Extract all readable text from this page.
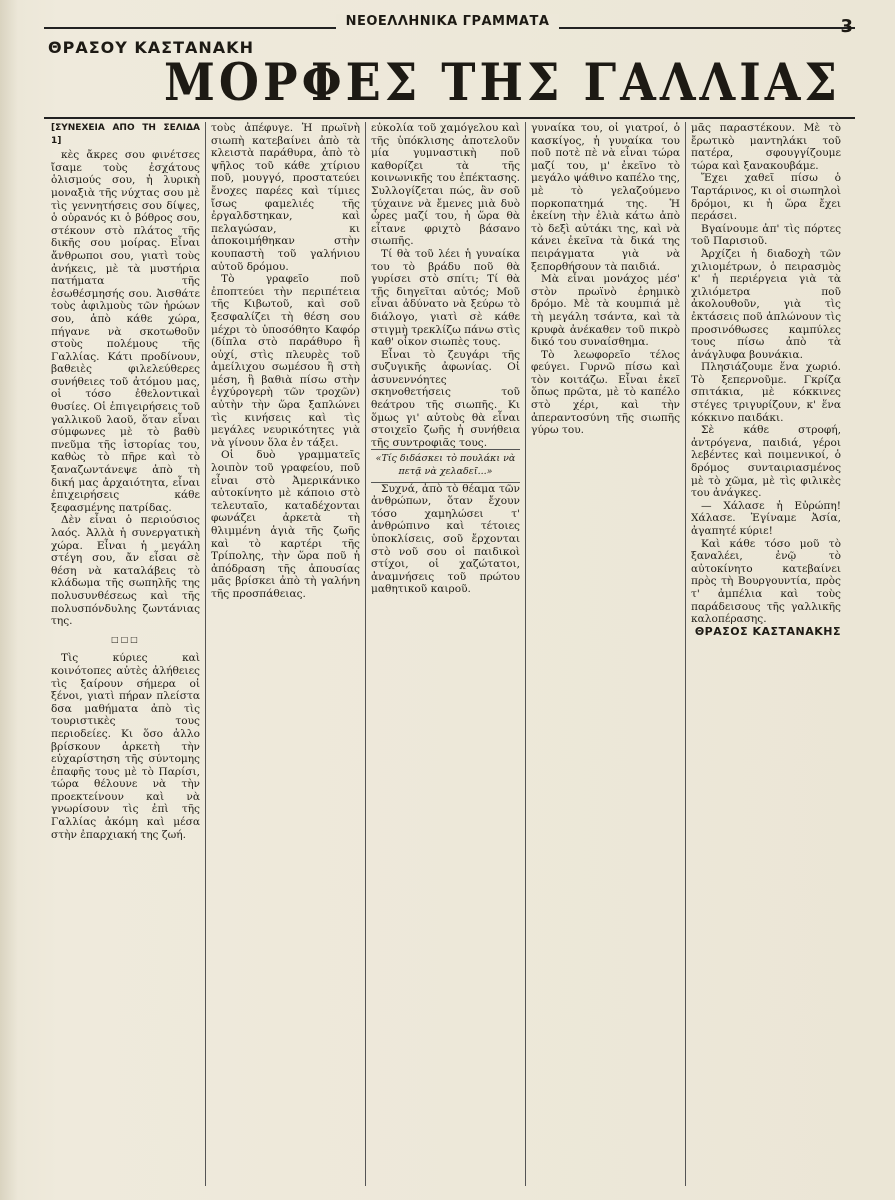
ΝΕΟΕΛΛΗΝΙΚΑ ΓΡΑΜΜΑΤΑ	3
ΘΡΑΣΟΥ ΚΑΣΤΑΝΑΚΗ
ΜΟΡΦΕΣ ΤΗΣ ΓΑΛΛΙΑΣ

[ΣΥΝΕΧΕΙΑ ΑΠΟ ΤΗ ΣΕΛΙΔΑ 1]

κὲς ἄκρες σου φινέτσες ἴσαμε τοὺς ἐσχάτους ὁλισμούς σου, ἡ λυρικὴ μοναξιὰ τῆς νύχτας σου μὲ τὶς γεννητήσεις σου δίψες, ὁ οὐρανός κι ὁ βόθρος σου, στέκουν στὸ πλάτος τῆς δικῆς σου μοίρας. Εἶναι ἄνθρωποι σου, γιατὶ τοὺς ἀνήκεις, μὲ τὰ μυστήρια πατήματα τῆς ἐσωθέσμησής σου. Ἀισθάτε τοὺς ἀφιλμοὺς τῶν ἡρώων σου, ἀπὸ κάθε χώρα, πήγανε νὰ σκοτωθοῦν στοὺς πολέμους τῆς Γαλλίας. Κάτι προδίνουν, βαθειὲς φιλελεύθερες συνήθειες τοῦ ἀτόμου μας, οἱ τόσο ἐθελοντικαὶ θυσίες. Οἱ ἐπιγειρήσεις τοῦ γαλλικοῦ λαοῦ, ὅταν εἶναι σύμφωνες μὲ τὸ βαθὺ πνεῦμα τῆς ἱστορίας του, καθὼς τὸ πῆρε καὶ τὸ ξαναζωντάνεψε ἀπὸ τὴ δική μας ἀρχαιότητα, εἶναι ἐπιχειρήσεις κάθε ξεφασμένης πατρίδας.

Δὲν εἶναι ὁ περιούσιος λαός. Ἀλλὰ ἡ συνεργατικὴ χώρα. Εἶναι ἡ μεγάλη στέγη σου, ἄν εἶσαι σὲ θέση νὰ καταλάβεις τὸ κλάδωμα τῆς σωπηλῆς της πολυσυνθέσεως καὶ τῆς πολυσπόνδυλης ζωντάνιας της.

□□□

Τὶς κύριες καὶ κοινότοπες αὐτὲς ἀλήθειες τὶς ξαίρουν σήμερα οἱ ξένοι, γιατὶ πήραν πλείστα δσα μαθήματα ἀπὸ τὶς τουριστικὲς τους περιοδείες. Κι ὅσο ἀλλο βρίσκουν ἀρκετὴ τὴν εὐχαρίστηση τῆς σύντομης ἐπαφῆς τους μὲ τὸ Παρίσι, τώρα θέλουνε νὰ τὴν προεκτείνουν καὶ νὰ γνωρίσουν τὶς ἐπὶ τῆς Γαλλίας ἀκόμη καὶ μέσα στὴν ἐπαρχιακή της ζωή.

τοὺς ἀπέφυγε. Ἡ πρωϊνὴ σιωπὴ κατεβαίνει ἀπὸ τὰ κλειστὰ παράθυρα, ἀπὸ τὸ ψῆλος τοῦ κάθε χτίριου ποῦ, μουγγό, προστατεύει ἔνοχες παρέες καὶ τίμιες ἴσως φαμελιές τῆς ἐργαλδστηκαν, καὶ πελαγώσαν, κι ἀποκοιμήθηκαν στὴν κουπαστὴ τοῦ γαλήνιου αὐτοῦ δρόμου.

Τὸ γραφεῖο ποῦ ἐποπτεύει τὴν περιπέτεια τῆς Κιβωτοῦ, καὶ σοῦ ξεσφαλίζει τὴ θέση σου μέχρι τὸ ὑποσόθητο Καφόρ (δίπλα στὸ παράθυρο ἢ οὐχί, στὶς πλευρὲς τοῦ ἀμείλιχου σωμέσου ἢ στὴ μέση, ἢ βαθιὰ πίσω στὴν ἐγχύρογερὴ τῶν τροχῶν) αὐτὴν τὴν ὥρα ξαπλώνει τὶς κινήσεις καὶ τὶς μεγάλες νευρικότητες γιὰ νὰ γίνουν ὅλα ἐν τάξει.

Οἱ δυὸ γραμματεῖς λοιπὸν τοῦ γραφείου, ποῦ εἶναι στὸ Ἀμερικάνικο αὐτοκίνητο μὲ κάποιο στὸ τελευταῖο, καταδέχονται φωνάζει ἀρκετὰ τὴ θλιμμένη ἁγιὰ τῆς ζωῆς καὶ τὸ καρτέρι τῆς Τρίπολης, τὴν ὥρα ποῦ ἡ ἀπόδραση τῆς ἀπουσίας μᾶς βρίσκει ἀπὸ τὴ γαλήνη τῆς προσπάθειας.

εὐκολία τοῦ χαμόγελου καὶ τῆς ὑπόκλισης ἀποτελοῦν μία γυμναστικὴ ποῦ καθορίζει τὰ τῆς κοινωνικῆς του ἐπέκτασης. Συλλογίζεται πώς, ἂν σοῦ τύχαινε νὰ ἔμενες μιὰ δυὸ ὧρες μαζί του, ἡ ὥρα θὰ εἶτανε φριχτὸ βάσανο σιωπῆς.

Τί θὰ τοῦ λέει ἡ γυναίκα του τὸ βράδυ ποῦ θὰ γυρίσει στὸ σπίτι; Τί θὰ τῆς διηγεῖται αὐτός; Μοῦ εἶναι ἀδύνατο νὰ ξεύρω τὸ διάλογο, γιατὶ σὲ κάθε στιγμὴ τρεκλίζω πάνω στὶς καθ' οἶκον σιωπὲς τους.

Εἶναι τὸ ζευγάρι τῆς συζυγικῆς ἀφωνίας. Οἱ ἀσυνεννόητες σκηνοθετήσεις τοῦ θεάτρου τῆς σιωπῆς. Κι ὅμως γι' αὐτοὺς θὰ εἶναι στοιχεῖο ζωῆς ἡ συνήθεια τῆς συντροφιᾶς τους.

«Τίς διδάσκει τὸ πουλάκι νὰ πετᾷ νὰ χελαδεῖ...»

Συχνά, ἀπὸ τὸ θέαμα τῶν ἀνθρώπων, ὅταν ἔχουν τόσο χαμηλώσει τ' ἀνθρώπινο καὶ τέτοιες ὑποκλίσεις, σοῦ ἔρχονται στὸ νοῦ σου οἱ παιδικοὶ στίχοι, οἱ χαζώτατοι, ἀναμνήσεις τοῦ πρώτου μαθητικοῦ καιροῦ.

γυναίκα του, οἱ γιατροί, ὁ κασκίγος, ἡ γυναίκα του ποῦ ποτὲ πὲ νὰ εἶναι τώρα μαζί του, μ' ἐκεῖνο τὸ μεγάλο ψάθινο καπέλο της, μὲ τὸ γελαζούμενο πορκοπατημά της. Ἡ ἐκείνη τὴν ἐλιὰ κάτω ἀπὸ τὸ δεξὶ αὐτάκι της, καὶ νὰ κάνει ἐκεῖνα τὰ δικά της πειράγματα γιὰ νὰ ξεπορθήσουν τὰ παιδιά.

Μὰ εἶναι μονάχος μέσ' στὸν πρωϊνὸ ἐρημικὸ δρόμο. Μὲ τὰ κουμπιά μὲ τὴ μεγάλη τσάντα, καὶ τὰ κρυφὰ ἀνέκαθεν τοῦ πικρὸ δικό του συναίσθημα.

Τὸ λεωφορεῖο τέλος φεύγει. Γυρνῶ πίσω καὶ τὸν κοιτάζω. Εἶναι ἐκεῖ ὅπως πρῶτα, μὲ τὸ καπέλο στὸ χέρι, καὶ τὴν ἀπεραντοσύνη τῆς σιωπῆς γύρω του.

μᾶς παραστέκουν. Μὲ τὸ ἔρωτικὸ μαντηλάκι τοῦ πατέρα, σφουγγίζουμε τώρα καὶ ξανακουβάμε.

Ἔχει χαθεῖ πίσω ὁ Ταρτάρινος, κι οἱ σιωπηλοὶ δρόμοι, κι ἡ ὥρα ἔχει περάσει.

Βγαίνουμε ἀπ' τὶς πόρτες τοῦ Παρισιοῦ.

Ἀρχίζει ἡ διαδοχὴ τῶν χιλιομέτρων, ὁ πειρασμὸς κ' ἡ περιέργεια γιὰ τὰ χιλιόμετρα ποῦ ἀκολουθοῦν, γιὰ τὶς ἐκτάσεις ποῦ ἀπλώνουν τὶς προσινόθωσες καμπύλες τους πίσω ἀπὸ τὰ ἀνάγλυφα βουνάκια.

Πλησιάζουμε ἕνα χωριό. Τὸ ξεπερνοῦμε. Γκρίζα σπιτάκια, μὲ κόκκινες στέγες τριγυρίζουν, κ' ἕνα κόκκινο παιδάκι.

Σὲ κάθε στροφή, ἀντρόγενα, παιδιά, γέροι λεβέντες καὶ ποιμενικοί, ὁ δρόμος συνταιριασμένος μὲ τὸ χῶμα, μὲ τὶς φιλικὲς του ἀνάγκες.

— Χάλασε ἡ Εὐρώπη! Χάλασε. Ἐγίναμε Ἀσία, ἀγαπητέ κύριε!

Καὶ κάθε τόσο μοῦ τὸ ξαναλέει, ἐνῷ τὸ αὐτοκίνητο κατεβαίνει πρὸς τὴ Βουργουντία, πρὸς τ' ἀμπέλια καὶ τοὺς παράδεισους τῆς γαλλικῆς καλοπέρασης.

ΘΡΑΣΟΣ ΚΑΣΤΑΝΑΚΗΣ
